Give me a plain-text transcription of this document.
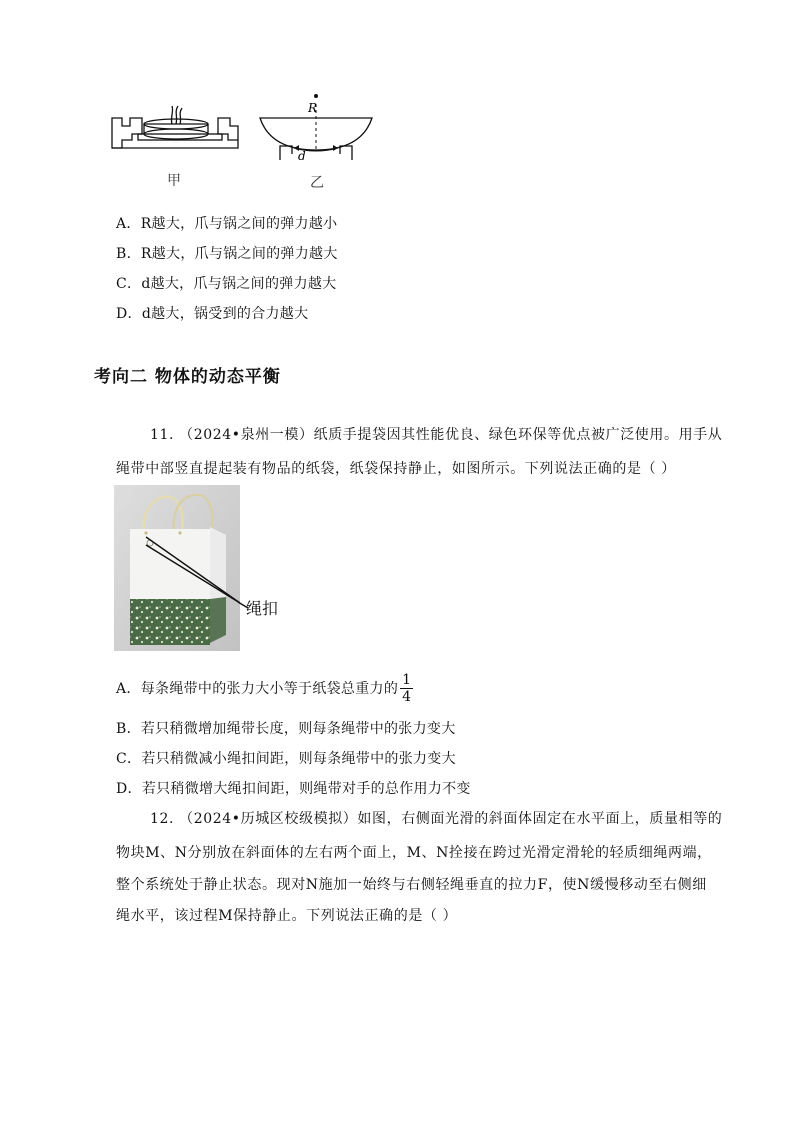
R
d
甲	乙
A．R越大，爪与锅之间的弹力越小
B．R越大，爪与锅之间的弹力越大
C．d越大，爪与锅之间的弹力越大
D．d越大，锅受到的合力越大
考向二 物体的动态平衡
11. （2024•泉州一模）纸质手提袋因其性能优良、绿色环保等优点被广泛使用。用手从
绳带中部竖直提起装有物品的纸袋，纸袋保持静止，如图所示。下列说法正确的是（ ）
绳扣
A． 每条绳带中的张力大小等于纸袋总重力的 $\frac{1}{4}$
B．若只稍微增加绳带长度，则每条绳带中的张力变大
C．若只稍微减小绳扣间距，则每条绳带中的张力变大
D．若只稍微增大绳扣间距，则绳带对手的总作用力不变
12. （2024•历城区校级模拟）如图，右侧面光滑的斜面体固定在水平面上，质量相等的
物块M、N分别放在斜面体的左右两个面上，M、N拴接在跨过光滑定滑轮的轻质细绳两端，
整个系统处于静止状态。现对N施加一始终与右侧轻绳垂直的拉力F，使N缓慢移动至右侧细
绳水平，该过程M保持静止。下列说法正确的是（ ）
